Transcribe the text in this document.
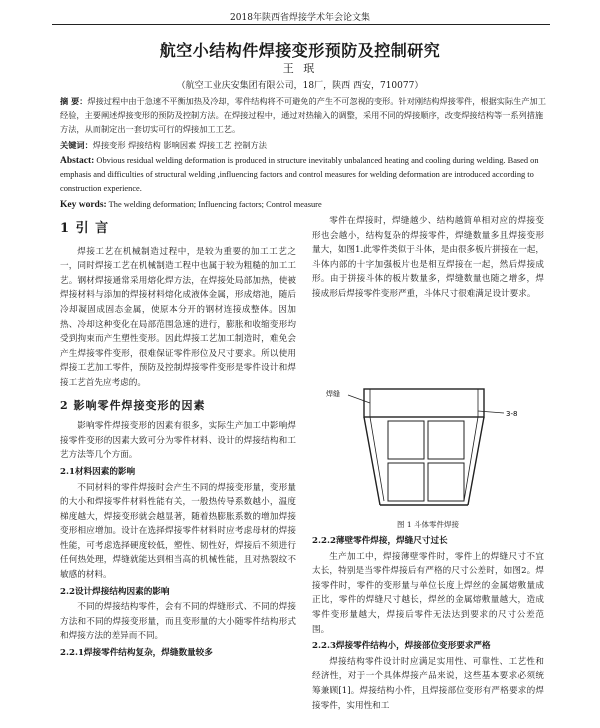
2018年陕西省焊接学术年会论文集
航空小结构件焊接变形预防及控制研究
王 珉
（航空工业庆安集团有限公司，18厂，陕西 西安，710077）
摘 要：焊接过程中由于急速不平衡加热及冷却，零件结构将不可避免的产生不可忽视的变形。针对刚结构焊接零件，根据实际生产加工经验，主要阐述焊接变形的预防及控制方法。在焊接过程中，通过对热输入的调整，采用不同的焊接顺序，改变焊接结构等一系列措施方法，从而制定出一套切实可行的焊接加工工艺。
关键词：焊接变形 焊接结构 影响因素 焊接工艺 控制方法
Abstact: Obvious residual welding deformation is produced in structure inevitably unbalanced heating and cooling during welding. Based on emphasis and difficulties of structural welding ,influencing factors and control measures for welding deformation are introduced according to construction experience.
Key words: The welding deformation; Influencing factors; Control measure
1 引 言

焊接工艺在机械制造过程中，是较为重要的加工工艺之一，同时焊接工艺在机械制造工程中也属于较为粗糙的加工工艺。钢材焊接通常采用熔化焊方法，在焊接处局部加热，使被焊接材料与添加的焊接材料熔化成液体金属，形成熔池，随后冷却凝固成固态金属，使原本分开的钢材连接成整体。因加热、冷却这种变化在局部范围急速的进行，膨胀和收缩变形均受到拘束而产生塑性变形。因此焊接工艺加工制造时，难免会产生焊接零件变形，很难保证零件形位及尺寸要求。所以使用焊接工艺加工零件，预防及控制焊接零件变形是零件设计和焊接工艺首先应考虑的。

2 影响零件焊接变形的因素

影响零件焊接变形的因素有很多，实际生产加工中影响焊接零件变形的因素大致可分为零件材料、设计的焊接结构和工艺方法等几个方面。

2.1材料因素的影响

不同材料的零件焊接时会产生不同的焊接变形量，变形量的大小和焊接零件材料性能有关，一般热传导系数越小，温度梯度越大，焊接变形就会越显著，随着热膨胀系数的增加焊接变形相应增加。设计在选择焊接零件材料时应考虑母材的焊接性能，可考虑选择硬度较低，塑性、韧性好，焊接后不须进行任何热处理，焊缝就能达到相当高的机械性能，且对热裂纹不敏感的材料。

2.2设计焊接结构因素的影响

不同的焊接结构零件，会有不同的焊缝形式、不同的焊接方法和不同的焊接变形量，而且变形量的大小随零件结构形式和焊接方法的差异而不同。

2.2.1焊接零件结构复杂，焊缝数量较多

零件在焊接时，焊缝越少、结构越简单相对应的焊接变形也会越小，结构复杂的焊接零件，焊缝数量多且焊接变形量大，如图1.此零件类似于斗体，是由很多板片拼接在一起，斗体内部的十字加强板片也是相互焊接在一起，然后焊接成形。由于拼接斗体的板片数量多，焊缝数量也随之增多，焊接成形后焊接零件变形严重，斗体尺寸很难满足设计要求。

焊缝
3-8
图 1 斗体零件焊接
2.2.2薄壁零件焊接，焊缝尺寸过长

生产加工中，焊接薄壁零件时，零件上的焊缝尺寸不宜太长，特别是当零件焊接后有严格的尺寸公差时，如图2。焊接零件时，零件的变形量与单位长度上焊丝的金属熔敷量成正比，零件的焊缝尺寸越长，焊丝的金属熔敷量越大，造成零件变形量越大，焊接后零件无法达到要求的尺寸公差范围。

2.2.3焊接零件结构小，焊接部位变形要求严格

焊接结构零件设计时应满足实用性、可靠性、工艺性和经济性，对于一个具体焊接产品来说，这些基本要求必须统筹兼顾[1]。焊接结构小件，且焊接部位变形有严格要求的焊接零件，实用性和工
